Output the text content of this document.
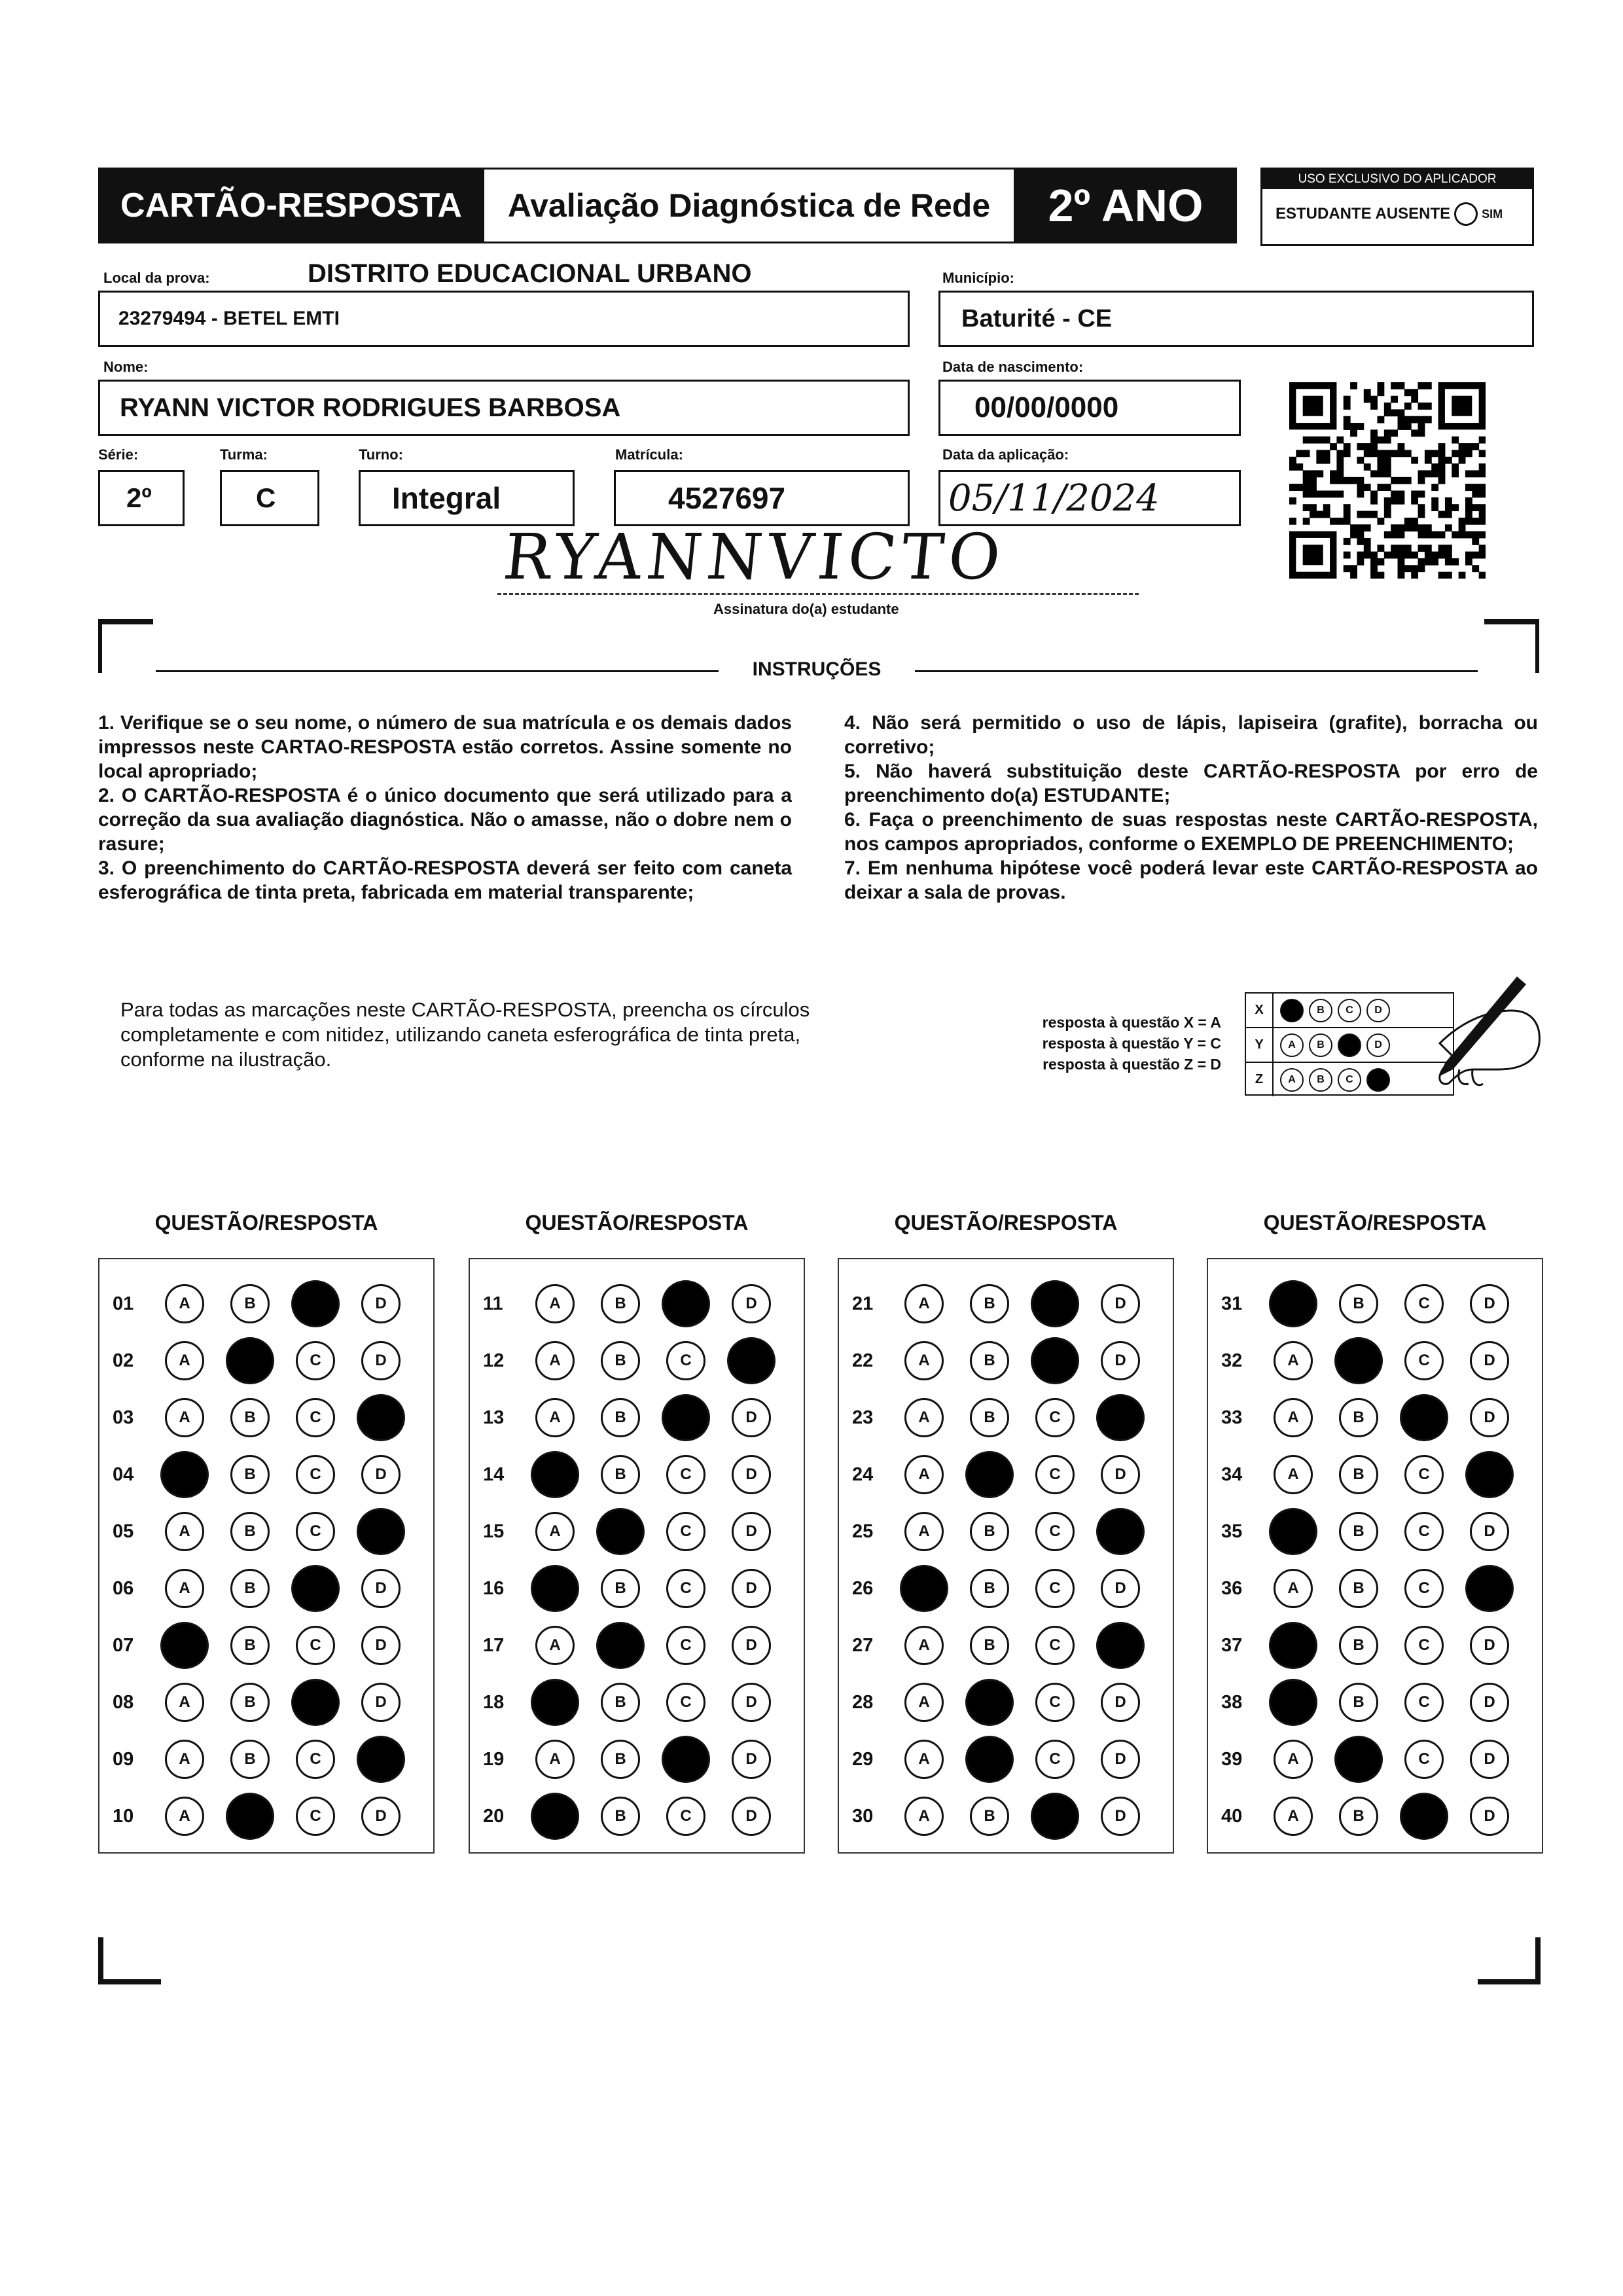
CARTÃO-RESPOSTA	Avaliação Diagnóstica de Rede	2º ANO
USO EXCLUSIVO DO APLICADOR
ESTUDANTE AUSENTE	SIM
Local da prova:	DISTRITO EDUCACIONAL URBANO
23279494 - BETEL EMTI
Município:
Baturité - CE
Nome:
RYANN VICTOR RODRIGUES BARBOSA
Data de nascimento:
00/00/0000
Série:
2º
Turma:
C
Turno:
Integral
Matrícula:
4527697
Data da aplicação:
05/11/2024
RYANNVICTO
Assinatura do(a) estudante
INSTRUÇÕES

1. Verifique se o seu nome, o número de sua matrícula e os demais dados impressos neste CARTAO-RESPOSTA estão corretos. Assine somente no local apropriado;

2. O CARTÃO-RESPOSTA é o único documento que será utilizado para a correção da sua avaliação diagnóstica. Não o amasse, não o dobre nem o rasure;

3. O preenchimento do CARTÃO-RESPOSTA deverá ser feito com caneta esferográfica de tinta preta, fabricada em material transparente;

4. Não será permitido o uso de lápis, lapiseira (grafite), borracha ou corretivo;

5. Não haverá substituição deste CARTÃO-RESPOSTA por erro de preenchimento do(a) ESTUDANTE;

6. Faça o preenchimento de suas respostas neste CARTÃO-RESPOSTA, nos campos apropriados, conforme o EXEMPLO DE PREENCHIMENTO;

7. Em nenhuma hipótese você poderá levar este CARTÃO-RESPOSTA ao deixar a sala de provas.

Para todas as marcações neste CARTÃO-RESPOSTA, preencha os círculos completamente e com nitidez, utilizando caneta esferográfica de tinta preta, conforme na ilustração.
resposta à questão X = A
resposta à questão Y = C
resposta à questão Z = D
X	B	C	D
Y	A	B	D
Z	A	B	C
QUESTÃO/RESPOSTA
01	A	B	D
02	A	C	D
03	A	B	C
04	B	C	D
05	A	B	C
06	A	B	D
07	B	C	D
08	A	B	D
09	A	B	C
10	A	C	D
QUESTÃO/RESPOSTA
11	A	B	D
12	A	B	C
13	A	B	D
14	B	C	D
15	A	C	D
16	B	C	D
17	A	C	D
18	B	C	D
19	A	B	D
20	B	C	D
QUESTÃO/RESPOSTA
21	A	B	D
22	A	B	D
23	A	B	C
24	A	C	D
25	A	B	C
26	B	C	D
27	A	B	C
28	A	C	D
29	A	C	D
30	A	B	D
QUESTÃO/RESPOSTA
31	B	C	D
32	A	C	D
33	A	B	D
34	A	B	C
35	B	C	D
36	A	B	C
37	B	C	D
38	B	C	D
39	A	C	D
40	A	B	D
